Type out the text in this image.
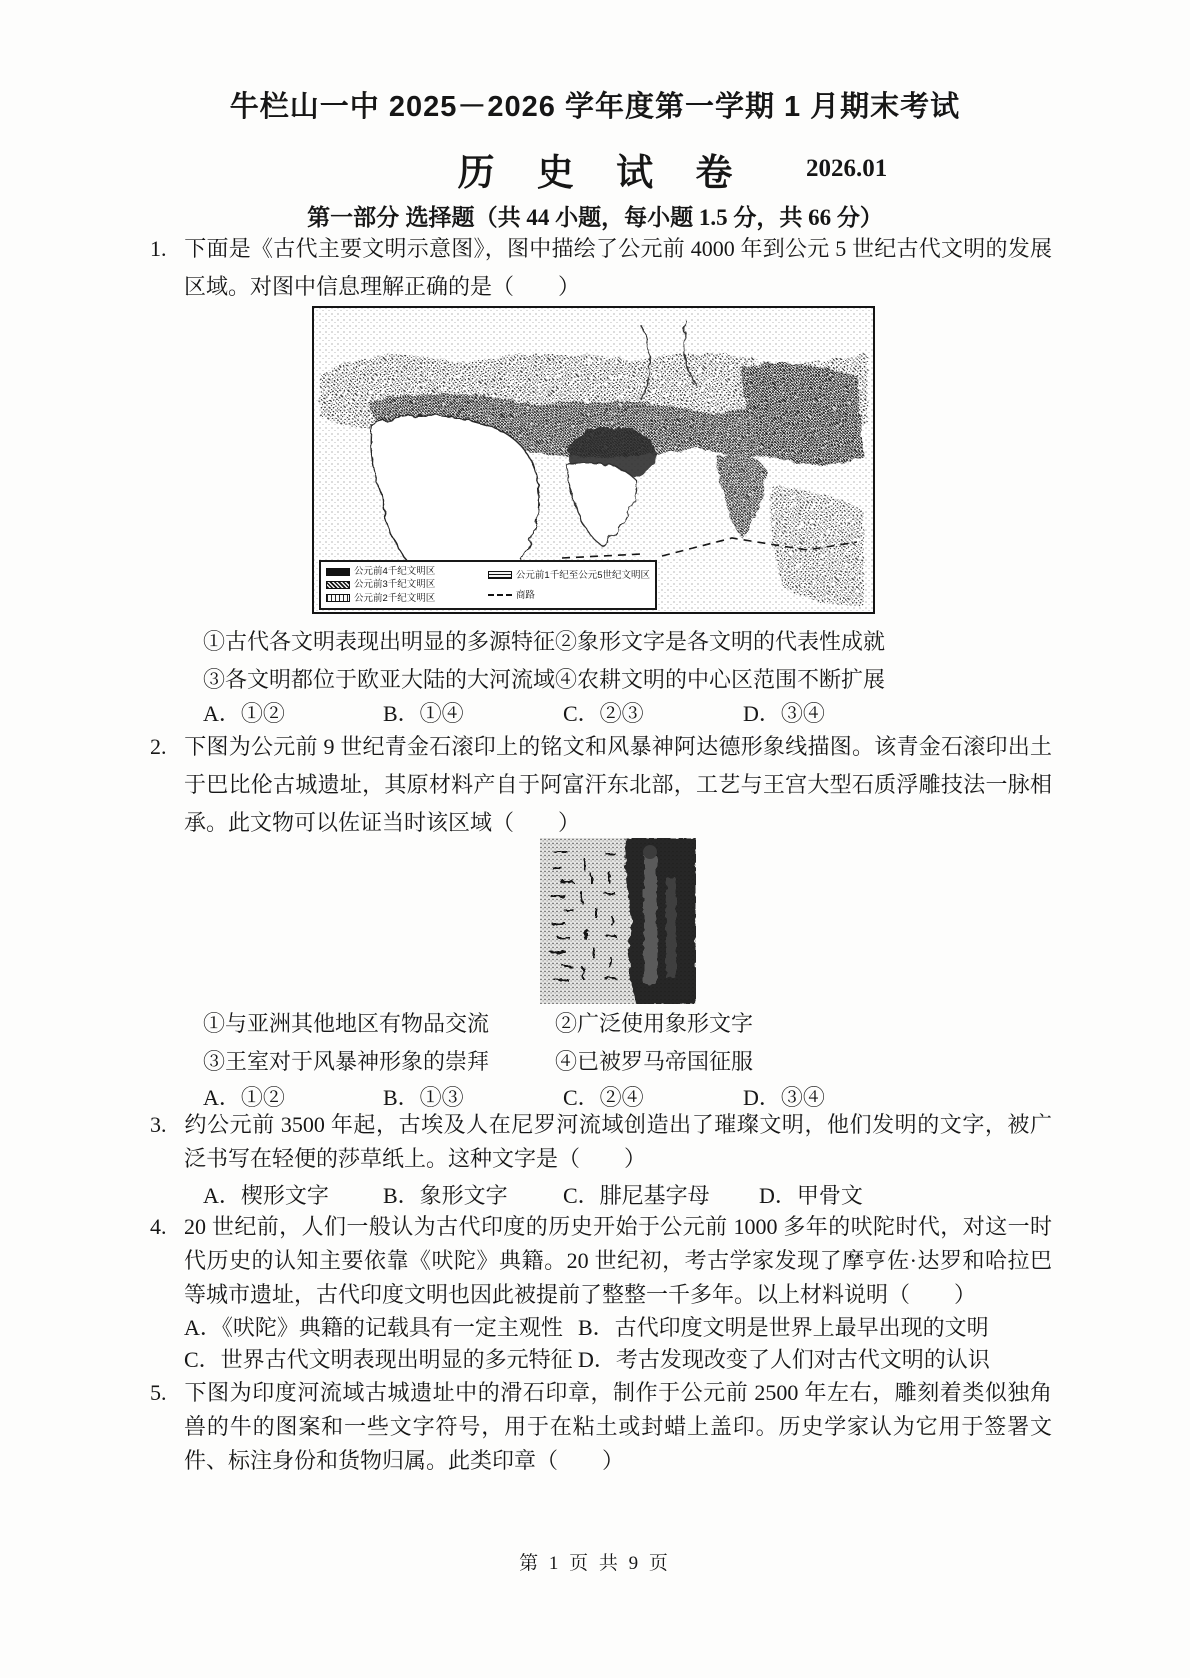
牛栏山一中 2025－2026 学年度第一学期 1 月期末考试
历 史 试 卷	2026.01
第一部分 选择题（共 44 小题，每小题 1.5 分，共 66 分）
1. 下面是《古代主要文明示意图》，图中描绘了公元前 4000 年到公元 5 世纪古代文明的发展区域。对图中信息理解正确的是（　　）
公元前4千纪文明区
公元前3千纪文明区
公元前2千纪文明区
公元前1千纪至公元5世纪文明区
商路
①古代各文明表现出明显的多源特征 ②象形文字是各文明的代表性成就
③各文明都位于欧亚大陆的大河流域 ④农耕文明的中心区范围不断扩展
A．①②	B．①④	C．②③	D．③④
2. 下图为公元前 9 世纪青金石滚印上的铭文和风暴神阿达德形象线描图。该青金石滚印出土于巴比伦古城遗址，其原材料产自于阿富汗东北部，工艺与王宫大型石质浮雕技法一脉相承。此文物可以佐证当时该区域（　　）
①与亚洲其他地区有物品交流	②广泛使用象形文字
③王室对于风暴神形象的崇拜	④已被罗马帝国征服
A．①②	B．①③	C．②④	D．③④
3. 约公元前 3500 年起，古埃及人在尼罗河流域创造出了璀璨文明，他们发明的文字，被广泛书写在轻便的莎草纸上。这种文字是（　　）
A．楔形文字	B．象形文字	C．腓尼基字母	D．甲骨文
4. 20 世纪前，人们一般认为古代印度的历史开始于公元前 1000 多年的吠陀时代，对这一时代历史的认知主要依靠《吠陀》典籍。20 世纪初，考古学家发现了摩亨佐·达罗和哈拉巴等城市遗址，古代印度文明也因此被提前了整整一千多年。以上材料说明（　　）
A．《吠陀》典籍的记载具有一定主观性 B．古代印度文明是世界上最早出现的文明
C．世界古代文明表现出明显的多元特征 D．考古发现改变了人们对古代文明的认识
5. 下图为印度河流域古城遗址中的滑石印章，制作于公元前 2500 年左右，雕刻着类似独角兽的牛的图案和一些文字符号，用于在粘土或封蜡上盖印。历史学家认为它用于签署文件、标注身份和货物归属。此类印章（　　）
第 1 页 共 9 页
